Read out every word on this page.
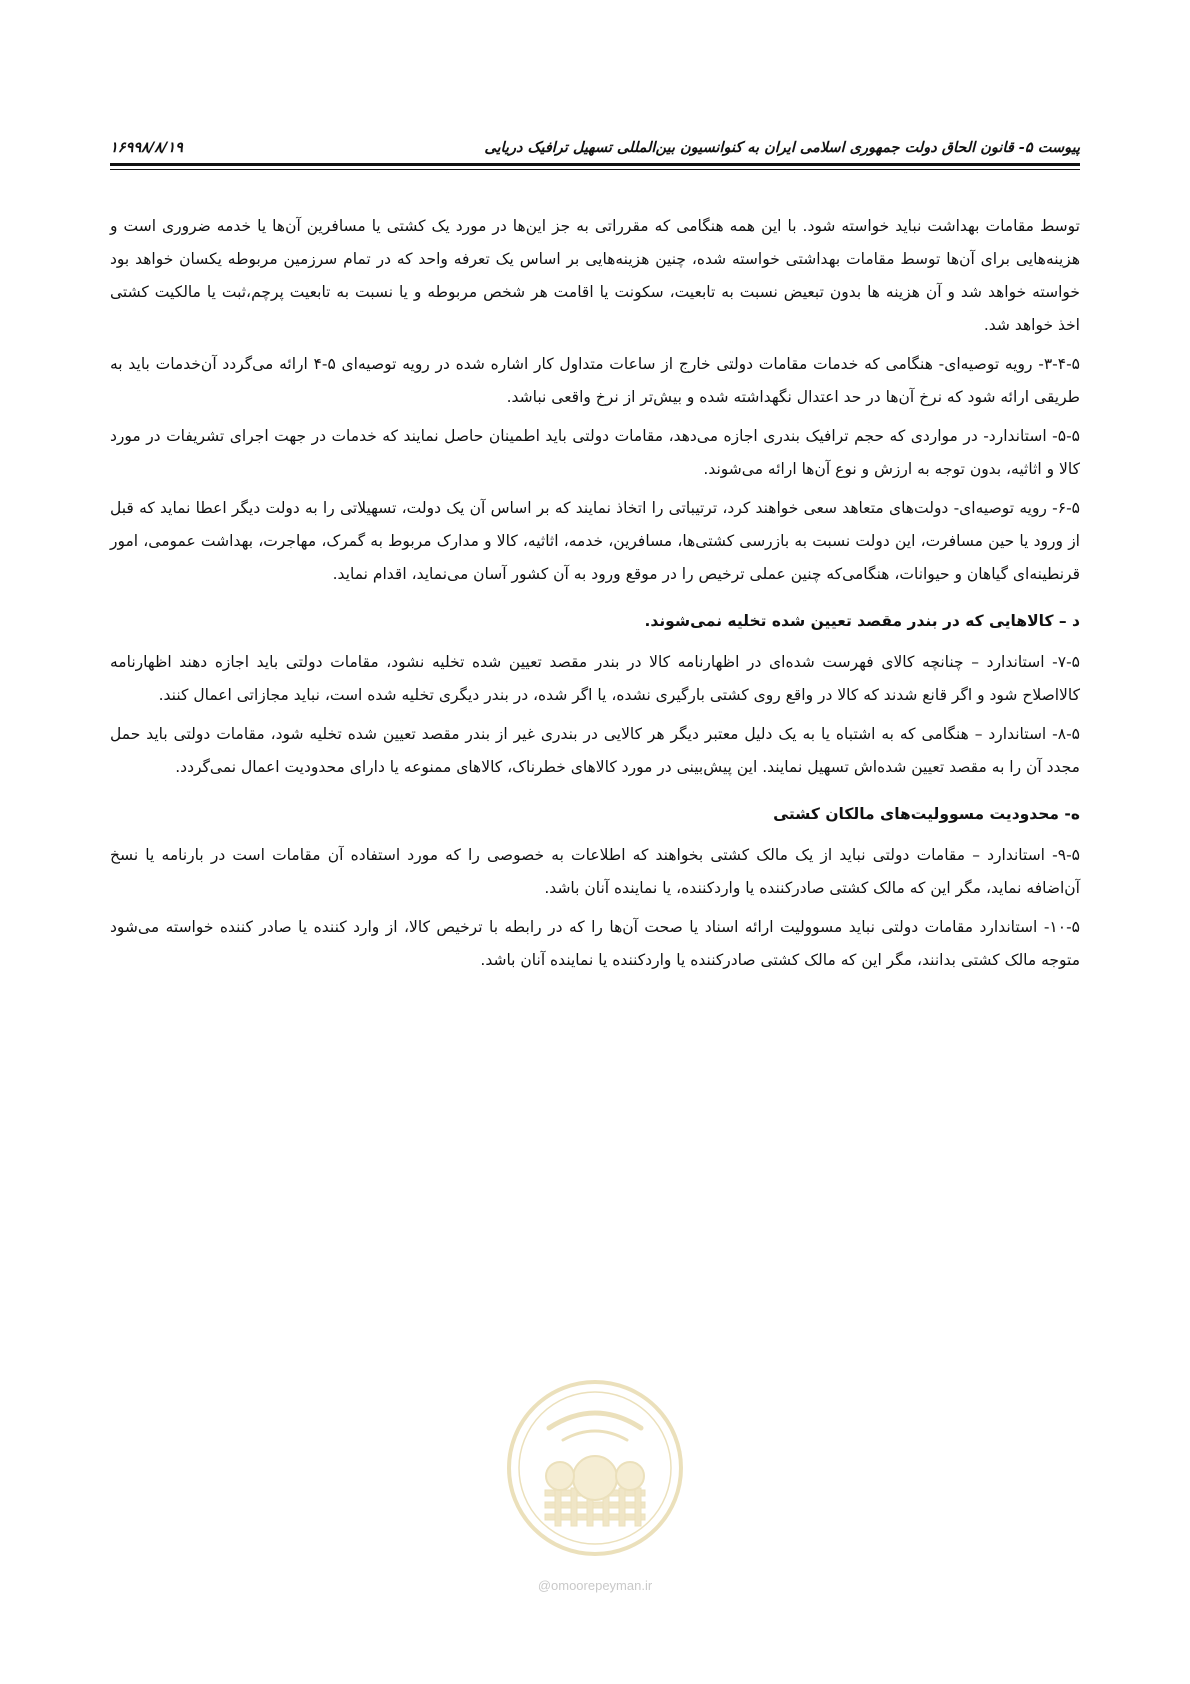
پیوست ۵- قانون الحاق دولت جمهوری اسلامی ایران به کنوانسیون بین‌المللی تسهیل ترافیک دریایی
۱۶۹۹۸/۸/۱۹

توسط مقامات بهداشت نباید خواسته شود. با این همه هنگامی که مقرراتی به جز این‌ها در مورد یک کشتی یا مسافرین آن‌ها یا خدمه ضروری است و هزینه‌هایی برای آن‌ها توسط مقامات بهداشتی خواسته شده، چنین هزینه‌هایی بر اساس یک تعرفه واحد که در تمام سرزمین مربوطه یکسان خواهد بود خواسته خواهد شد و آن هزینه ها بدون تبعیض نسبت به تابعیت، سکونت یا اقامت هر شخص مربوطه و یا نسبت به تابعیت پرچم،ثبت یا مالکیت کشتی اخذ خواهد شد.

۳-۴-۵- رویه توصیه‌ای- هنگامی که خدمات مقامات دولتی خارج از ساعات متداول کار اشاره شده در رویه توصیه‌ای ۵-۴ ارائه می‌گردد آن‌خدمات باید به طریقی ارائه شود که نرخ آن‌ها در حد اعتدال نگهداشته شده و بیش‌تر از نرخ واقعی نباشد.

۵-۵- استاندارد- در مواردی که حجم ترافیک بندری اجازه می‌دهد، مقامات دولتی باید اطمینان حاصل نمایند که خدمات در جهت اجرای تشریفات در مورد کالا و اثاثیه، بدون توجه به ارزش و نوع آن‌ها ارائه می‌شوند.

۶-۵- رویه توصیه‌ای- دولت‌های متعاهد سعی خواهند کرد، ترتیباتی را اتخاذ نمایند که بر اساس آن یک دولت، تسهیلاتی را به دولت دیگر اعطا نماید که قبل از ورود یا حین مسافرت، این دولت نسبت به بازرسی کشتی‌ها، مسافرین، خدمه، اثاثیه، کالا و مدارک مربوط به گمرک، مهاجرت، بهداشت عمومی، امور قرنطینه‌ای گیاهان و حیوانات، هنگامی‌که چنین عملی ترخیص را در موقع ورود به آن کشور آسان می‌نماید، اقدام نماید.

د – کالاهایی که در بندر مقصد تعیین شده تخلیه نمی‌شوند.

۷-۵- استاندارد – چنانچه کالای فهرست شده‌ای در اظهارنامه کالا در بندر مقصد تعیین شده تخلیه نشود، مقامات دولتی باید اجازه دهند اظهارنامه کالااصلاح شود و اگر قانع شدند که کالا در واقع روی کشتی بارگیری نشده، یا اگر شده، در بندر دیگری تخلیه شده است، نباید مجازاتی اعمال کنند.

۸-۵- استاندارد – هنگامی که به اشتباه یا به یک دلیل معتبر دیگر هر کالایی در بندری غیر از بندر مقصد تعیین شده تخلیه شود، مقامات دولتی باید حمل مجدد آن را به مقصد تعیین شده‌اش تسهیل نمایند. این پیش‌بینی در مورد کالاهای خطرناک، کالاهای ممنوعه یا دارای محدودیت اعمال نمی‌گردد.

ه- محدودیت مسوولیت‌های مالکان کشتی

۹-۵- استاندارد – مقامات دولتی نباید از یک مالک کشتی بخواهند که اطلاعات به خصوصی را که مورد استفاده آن مقامات است در بارنامه یا نسخ آن‌اضافه نماید، مگر این که مالک کشتی صادرکننده یا واردکننده، یا نماینده آنان باشد.

۱۰-۵- استاندارد مقامات دولتی نباید مسوولیت ارائه اسناد یا صحت آن‌ها را که در رابطه با ترخیص کالا، از وارد کننده یا صادر کننده خواسته می‌شود متوجه مالک کشتی بدانند، مگر این که مالک کشتی صادرکننده یا واردکننده یا نماینده آنان باشد.

@omoorepeyman.ir
